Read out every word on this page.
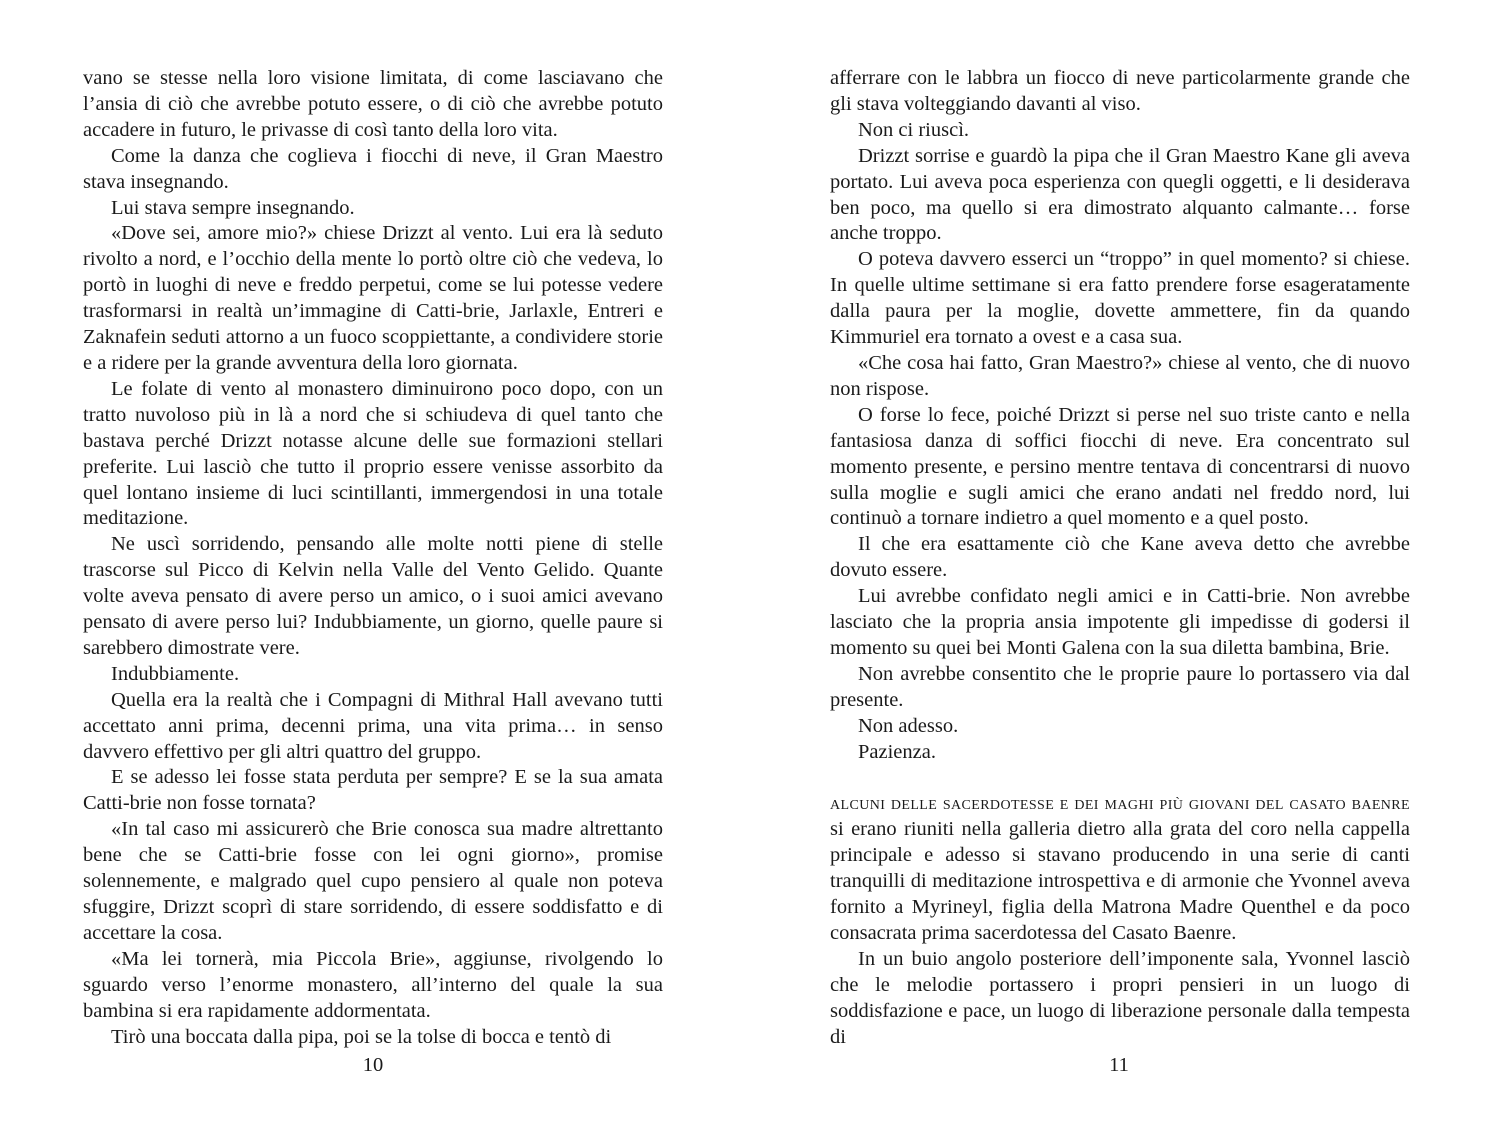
vano se stesse nella loro visione limitata, di come lasciavano che l’ansia di ciò che avrebbe potuto essere, o di ciò che avrebbe potuto accadere in futuro, le privasse di così tanto della loro vita.

Come la danza che coglieva i fiocchi di neve, il Gran Maestro stava insegnando.

Lui stava sempre insegnando.

«Dove sei, amore mio?» chiese Drizzt al vento. Lui era là seduto rivolto a nord, e l’occhio della mente lo portò oltre ciò che vedeva, lo portò in luoghi di neve e freddo perpetui, come se lui potesse vedere trasformarsi in realtà un’immagine di Catti-brie, Jarlaxle, Entreri e Zaknafein seduti attorno a un fuoco scoppiettante, a condividere storie e a ridere per la grande avventura della loro giornata.

Le folate di vento al monastero diminuirono poco dopo, con un tratto nuvoloso più in là a nord che si schiudeva di quel tanto che bastava perché Drizzt notasse alcune delle sue formazioni stellari preferite. Lui lasciò che tutto il proprio essere venisse assorbito da quel lontano insieme di luci scintillanti, immergendosi in una totale meditazione.

Ne uscì sorridendo, pensando alle molte notti piene di stelle trascorse sul Picco di Kelvin nella Valle del Vento Gelido. Quante volte aveva pensato di avere perso un amico, o i suoi amici avevano pensato di avere perso lui? Indubbiamente, un giorno, quelle paure si sarebbero dimostrate vere.

Indubbiamente.

Quella era la realtà che i Compagni di Mithral Hall avevano tutti accettato anni prima, decenni prima, una vita prima… in senso davvero effettivo per gli altri quattro del gruppo.

E se adesso lei fosse stata perduta per sempre? E se la sua amata Catti-brie non fosse tornata?

«In tal caso mi assicurerò che Brie conosca sua madre altrettanto bene che se Catti-brie fosse con lei ogni giorno», promise solennemente, e malgrado quel cupo pensiero al quale non poteva sfuggire, Drizzt scoprì di stare sorridendo, di essere soddisfatto e di accettare la cosa.

«Ma lei tornerà, mia Piccola Brie», aggiunse, rivolgendo lo sguardo verso l’enorme monastero, all’interno del quale la sua bambina si era rapidamente addormentata.

Tirò una boccata dalla pipa, poi se la tolse di bocca e tentò di

10

afferrare con le labbra un fiocco di neve particolarmente grande che gli stava volteggiando davanti al viso.

Non ci riuscì.

Drizzt sorrise e guardò la pipa che il Gran Maestro Kane gli aveva portato. Lui aveva poca esperienza con quegli oggetti, e li desiderava ben poco, ma quello si era dimostrato alquanto calmante… forse anche troppo.

O poteva davvero esserci un “troppo” in quel momento? si chiese. In quelle ultime settimane si era fatto prendere forse esageratamente dalla paura per la moglie, dovette ammettere, fin da quando Kimmuriel era tornato a ovest e a casa sua.

«Che cosa hai fatto, Gran Maestro?» chiese al vento, che di nuovo non rispose.

O forse lo fece, poiché Drizzt si perse nel suo triste canto e nella fantasiosa danza di soffici fiocchi di neve. Era concentrato sul momento presente, e persino mentre tentava di concentrarsi di nuovo sulla moglie e sugli amici che erano andati nel freddo nord, lui continuò a tornare indietro a quel momento e a quel posto.

Il che era esattamente ciò che Kane aveva detto che avrebbe dovuto essere.

Lui avrebbe confidato negli amici e in Catti-brie. Non avrebbe lasciato che la propria ansia impotente gli impedisse di godersi il momento su quei bei Monti Galena con la sua diletta bambina, Brie.

Non avrebbe consentito che le proprie paure lo portassero via dal presente.

Non adesso.

Pazienza.

alcuni delle sacerdotesse e dei maghi più giovani del casato baenre si erano riuniti nella galleria dietro alla grata del coro nella cappella principale e adesso si stavano producendo in una serie di canti tranquilli di meditazione introspettiva e di armonie che Yvonnel aveva fornito a Myrineyl, figlia della Matrona Madre Quenthel e da poco consacrata prima sacerdotessa del Casato Baenre.

In un buio angolo posteriore dell’imponente sala, Yvonnel lasciò che le melodie portassero i propri pensieri in un luogo di soddisfazione e pace, un luogo di liberazione personale dalla tempesta di

11
